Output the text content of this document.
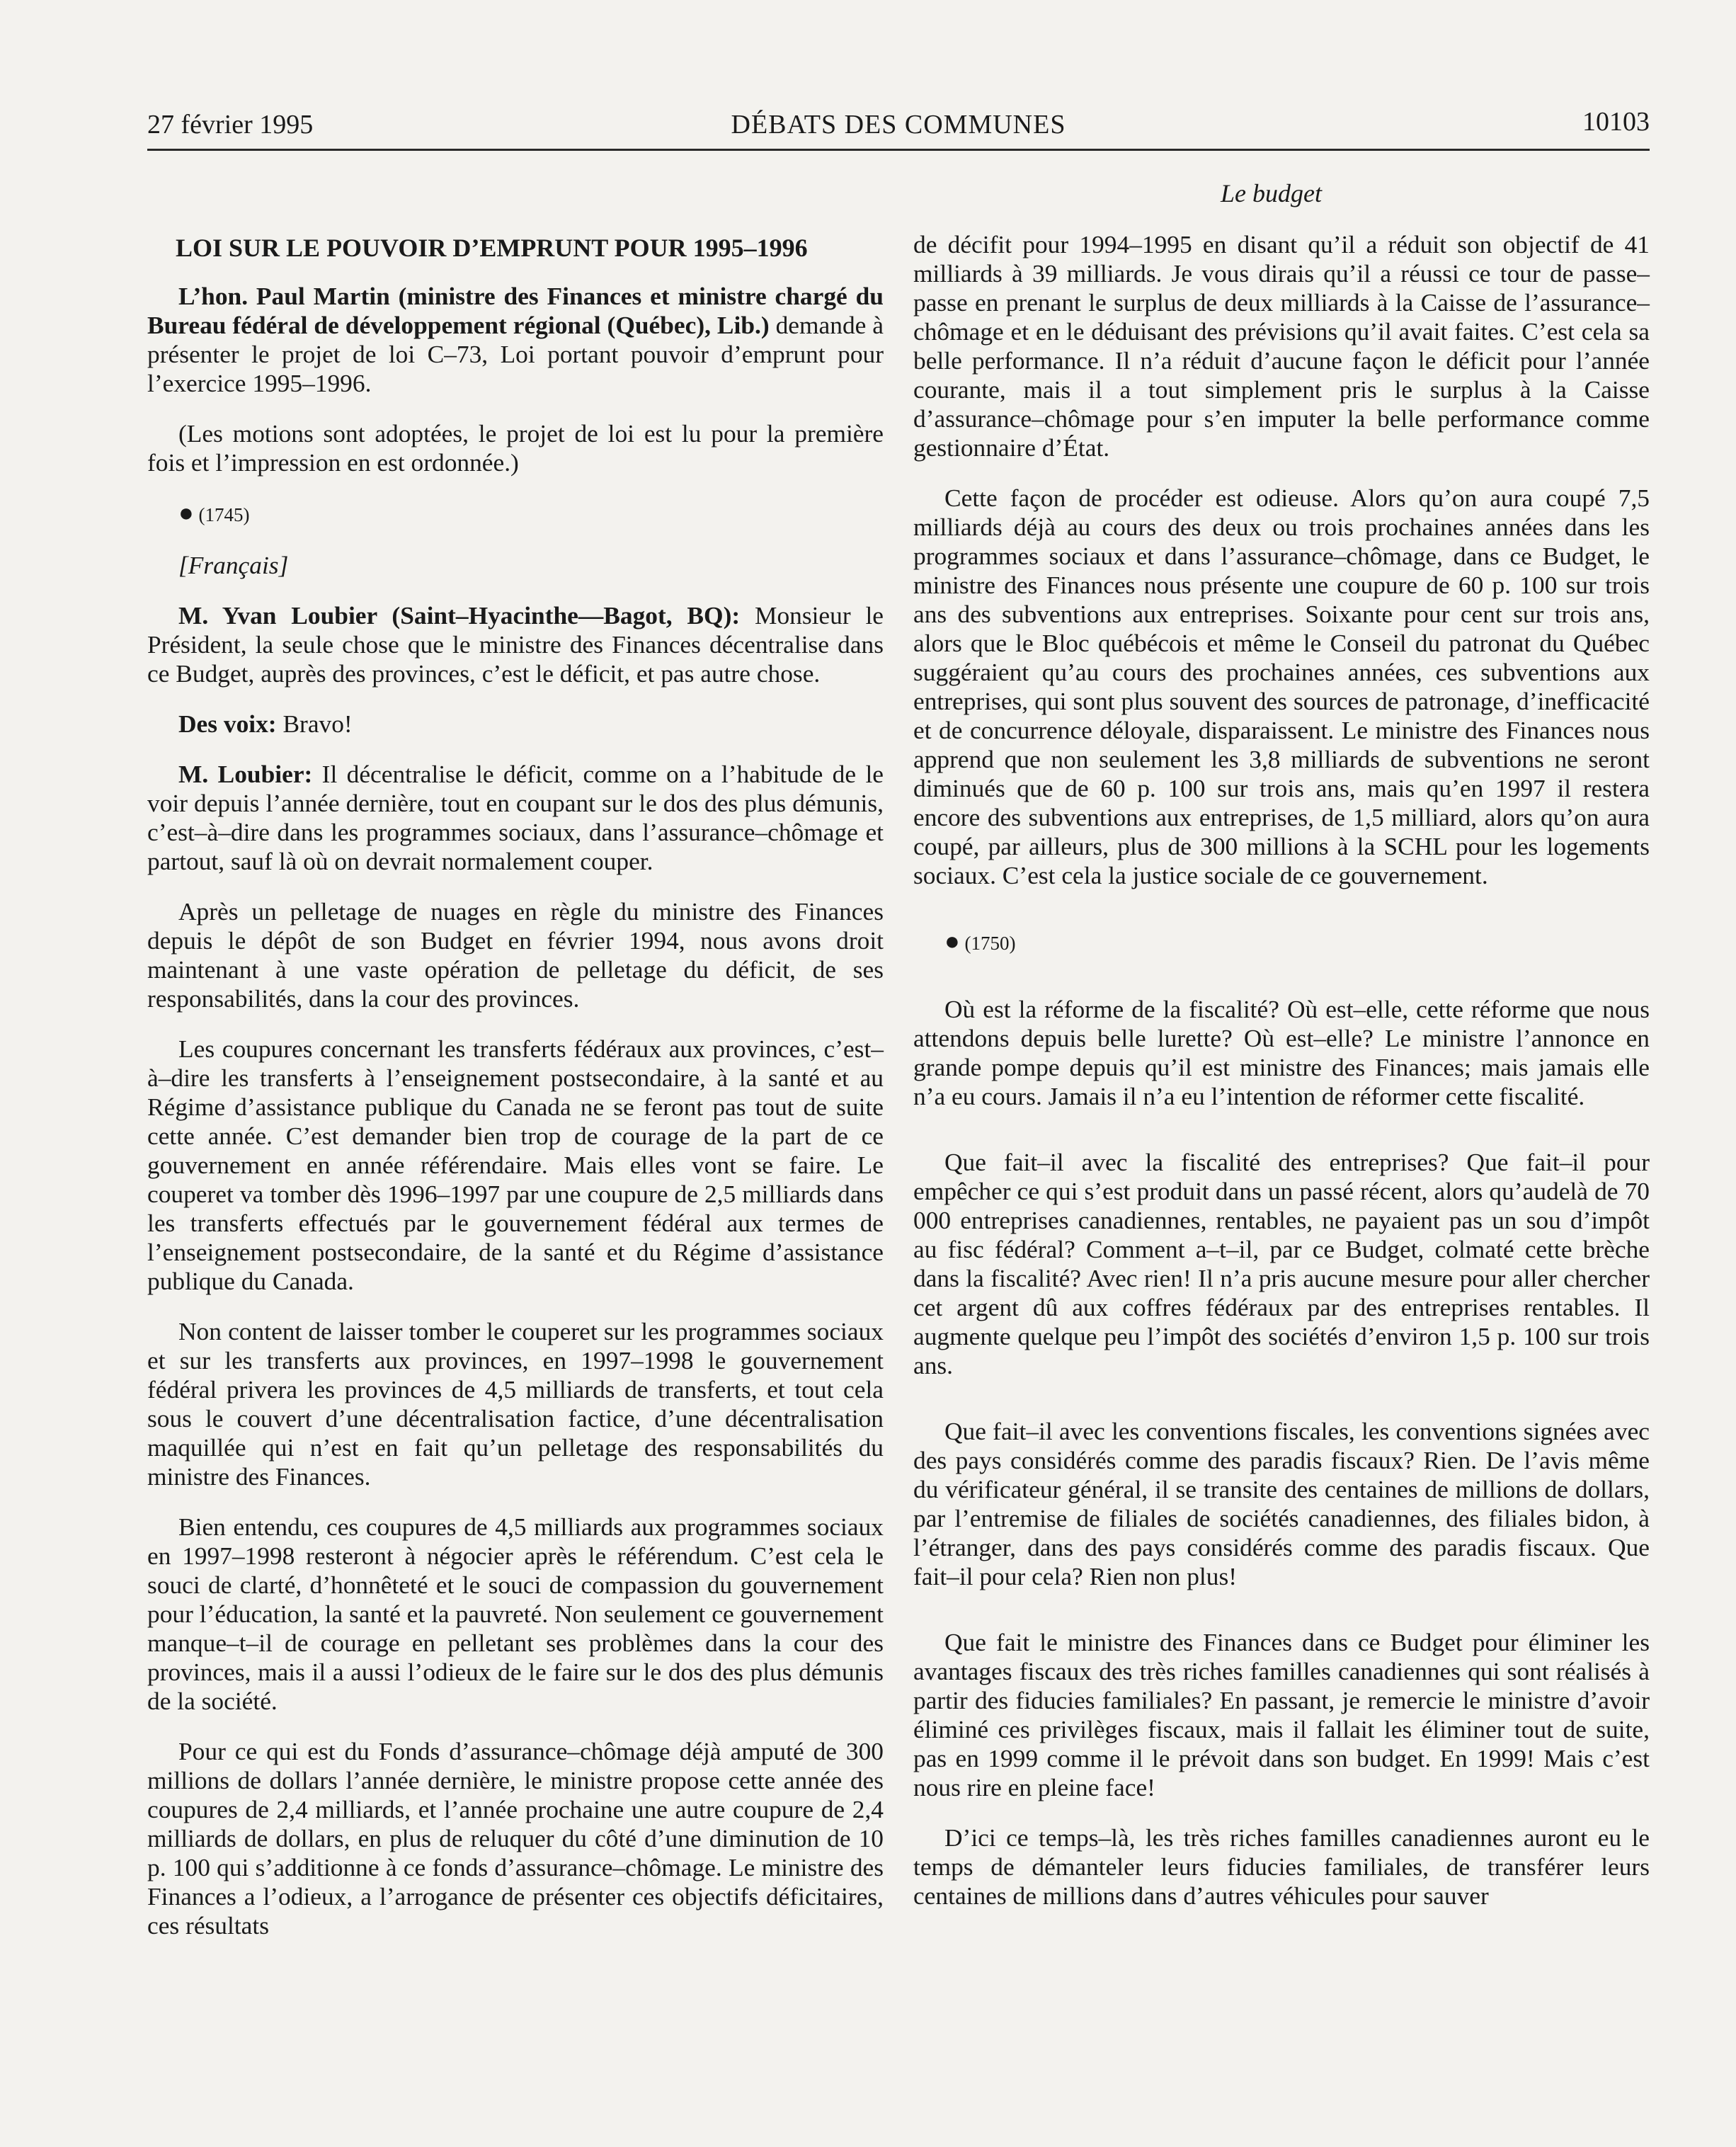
27 février 1995	DÉBATS DES COMMUNES	10103
Le budget
LOI SUR LE POUVOIR D’EMPRUNT POUR 1995–1996

L’hon. Paul Martin (ministre des Finances et ministre chargé du Bureau fédéral de développement régional (Québec), Lib.) demande à présenter le projet de loi C–73, Loi portant pouvoir d’emprunt pour l’exercice 1995–1996.

(Les motions sont adoptées, le projet de loi est lu pour la première fois et l’impression en est ordonnée.)

● (1745)

[Français]

M. Yvan Loubier (Saint–Hyacinthe—Bagot, BQ): Monsieur le Président, la seule chose que le ministre des Finances décentralise dans ce Budget, auprès des provinces, c’est le déficit, et pas autre chose.

Des voix: Bravo!

M. Loubier: Il décentralise le déficit, comme on a l’habitude de le voir depuis l’année dernière, tout en coupant sur le dos des plus démunis, c’est–à–dire dans les programmes sociaux, dans l’assurance–chômage et partout, sauf là où on devrait normalement couper.

Après un pelletage de nuages en règle du ministre des Finances depuis le dépôt de son Budget en février 1994, nous avons droit maintenant à une vaste opération de pelletage du déficit, de ses responsabilités, dans la cour des provinces.

Les coupures concernant les transferts fédéraux aux provinces, c’est–à–dire les transferts à l’enseignement postsecondaire, à la santé et au Régime d’assistance publique du Canada ne se feront pas tout de suite cette année. C’est demander bien trop de courage de la part de ce gouvernement en année référendaire. Mais elles vont se faire. Le couperet va tomber dès 1996–1997 par une coupure de 2,5 milliards dans les transferts effectués par le gouvernement fédéral aux termes de l’enseignement postsecondaire, de la santé et du Régime d’assistance publique du Canada.

Non content de laisser tomber le couperet sur les programmes sociaux et sur les transferts aux provinces, en 1997–1998 le gouvernement fédéral privera les provinces de 4,5 milliards de transferts, et tout cela sous le couvert d’une décentralisation factice, d’une décentralisation maquillée qui n’est en fait qu’un pelletage des responsabilités du ministre des Finances.

Bien entendu, ces coupures de 4,5 milliards aux programmes sociaux en 1997–1998 resteront à négocier après le référendum. C’est cela le souci de clarté, d’honnêteté et le souci de compassion du gouvernement pour l’éducation, la santé et la pauvreté. Non seulement ce gouvernement manque–t–il de courage en pelletant ses problèmes dans la cour des provinces, mais il a aussi l’odieux de le faire sur le dos des plus démunis de la société.

Pour ce qui est du Fonds d’assurance–chômage déjà amputé de 300 millions de dollars l’année dernière, le ministre propose cette année des coupures de 2,4 milliards, et l’année prochaine une autre coupure de 2,4 milliards de dollars, en plus de reluquer du côté d’une diminution de 10 p. 100 qui s’additionne à ce fonds d’assurance–chômage. Le ministre des Finances a l’odieux, a l’arrogance de présenter ces objectifs déficitaires, ces résultats

de décifit pour 1994–1995 en disant qu’il a réduit son objectif de 41 milliards à 39 milliards. Je vous dirais qu’il a réussi ce tour de passe–passe en prenant le surplus de deux milliards à la Caisse de l’assurance–chômage et en le déduisant des prévisions qu’il avait faites. C’est cela sa belle performance. Il n’a réduit d’aucune façon le déficit pour l’année courante, mais il a tout simplement pris le surplus à la Caisse d’assurance–chômage pour s’en imputer la belle performance comme gestionnaire d’État.

Cette façon de procéder est odieuse. Alors qu’on aura coupé 7,5 milliards déjà au cours des deux ou trois prochaines années dans les programmes sociaux et dans l’assurance–chômage, dans ce Budget, le ministre des Finances nous présente une coupure de 60 p. 100 sur trois ans des subventions aux entreprises. Soixante pour cent sur trois ans, alors que le Bloc québécois et même le Conseil du patronat du Québec suggéraient qu’au cours des prochaines années, ces subventions aux entreprises, qui sont plus souvent des sources de patronage, d’inefficacité et de concurrence déloyale, disparaissent. Le ministre des Finances nous apprend que non seulement les 3,8 milliards de subventions ne seront diminués que de 60 p. 100 sur trois ans, mais qu’en 1997 il restera encore des subventions aux entreprises, de 1,5 milliard, alors qu’on aura coupé, par ailleurs, plus de 300 millions à la SCHL pour les logements sociaux. C’est cela la justice sociale de ce gouvernement.

● (1750)

Où est la réforme de la fiscalité? Où est–elle, cette réforme que nous attendons depuis belle lurette? Où est–elle? Le ministre l’annonce en grande pompe depuis qu’il est ministre des Finances; mais jamais elle n’a eu cours. Jamais il n’a eu l’intention de réformer cette fiscalité.

Que fait–il avec la fiscalité des entreprises? Que fait–il pour empêcher ce qui s’est produit dans un passé récent, alors qu’audelà de 70 000 entreprises canadiennes, rentables, ne payaient pas un sou d’impôt au fisc fédéral? Comment a–t–il, par ce Budget, colmaté cette brèche dans la fiscalité? Avec rien! Il n’a pris aucune mesure pour aller chercher cet argent dû aux coffres fédéraux par des entreprises rentables. Il augmente quelque peu l’impôt des sociétés d’environ 1,5 p. 100 sur trois ans.

Que fait–il avec les conventions fiscales, les conventions signées avec des pays considérés comme des paradis fiscaux? Rien. De l’avis même du vérificateur général, il se transite des centaines de millions de dollars, par l’entremise de filiales de sociétés canadiennes, des filiales bidon, à l’étranger, dans des pays considérés comme des paradis fiscaux. Que fait–il pour cela? Rien non plus!

Que fait le ministre des Finances dans ce Budget pour éliminer les avantages fiscaux des très riches familles canadiennes qui sont réalisés à partir des fiducies familiales? En passant, je remercie le ministre d’avoir éliminé ces privilèges fiscaux, mais il fallait les éliminer tout de suite, pas en 1999 comme il le prévoit dans son budget. En 1999! Mais c’est nous rire en pleine face!

D’ici ce temps–là, les très riches familles canadiennes auront eu le temps de démanteler leurs fiducies familiales, de transférer leurs centaines de millions dans d’autres véhicules pour sauver
